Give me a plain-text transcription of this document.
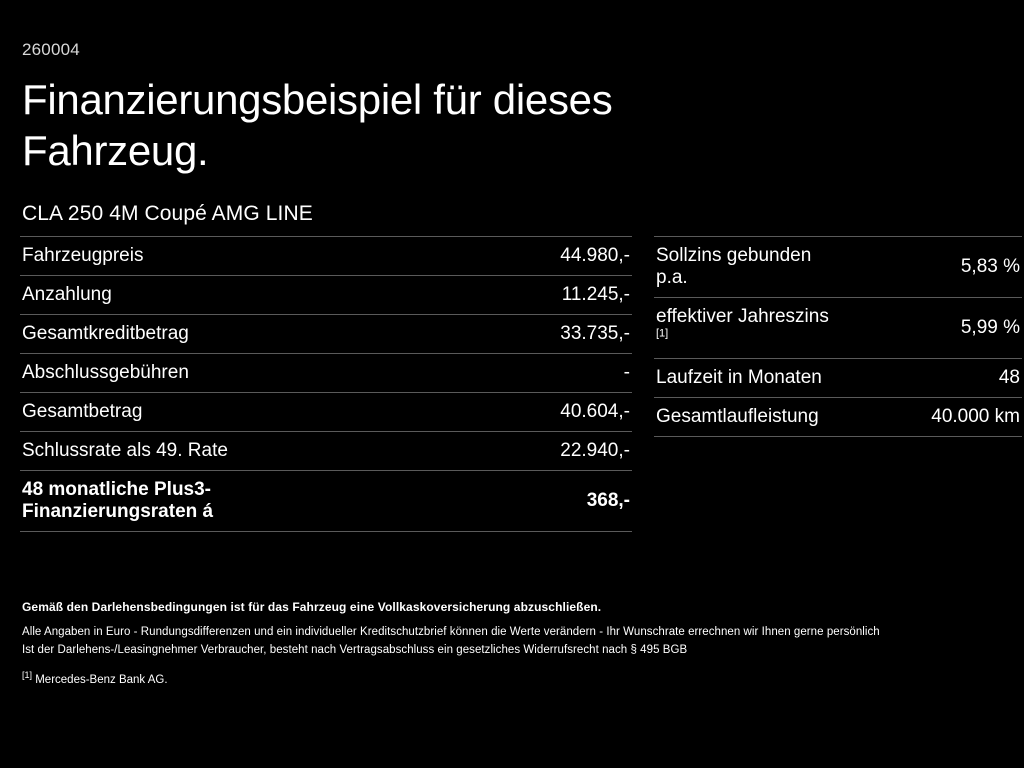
260004
Finanzierungsbeispiel für dieses Fahrzeug.
CLA 250 4M Coupé AMG LINE
Fahrzeugpreis	44.980,-
Anzahlung	11.245,-
Gesamtkreditbetrag	33.735,-
Abschlussgebühren	-
Gesamtbetrag	40.604,-
Schlussrate als 49. Rate	22.940,-
48 monatliche Plus3-Finanzierungsraten á	368,-
Sollzins gebunden p.a.	5,83 %
effektiver Jahreszins [1]	5,99 %
Laufzeit in Monaten	48
Gesamtlaufleistung	40.000 km

Gemäß den Darlehensbedingungen ist für das Fahrzeug eine Vollkaskoversicherung abzuschließen.

Alle Angaben in Euro - Rundungsdifferenzen und ein individueller Kreditschutzbrief können die Werte verändern - Ihr Wunschrate errechnen wir Ihnen gerne persönlich

Ist der Darlehens-/Leasingnehmer Verbraucher, besteht nach Vertragsabschluss ein gesetzliches Widerrufsrecht nach § 495 BGB

[1] Mercedes-Benz Bank AG.
